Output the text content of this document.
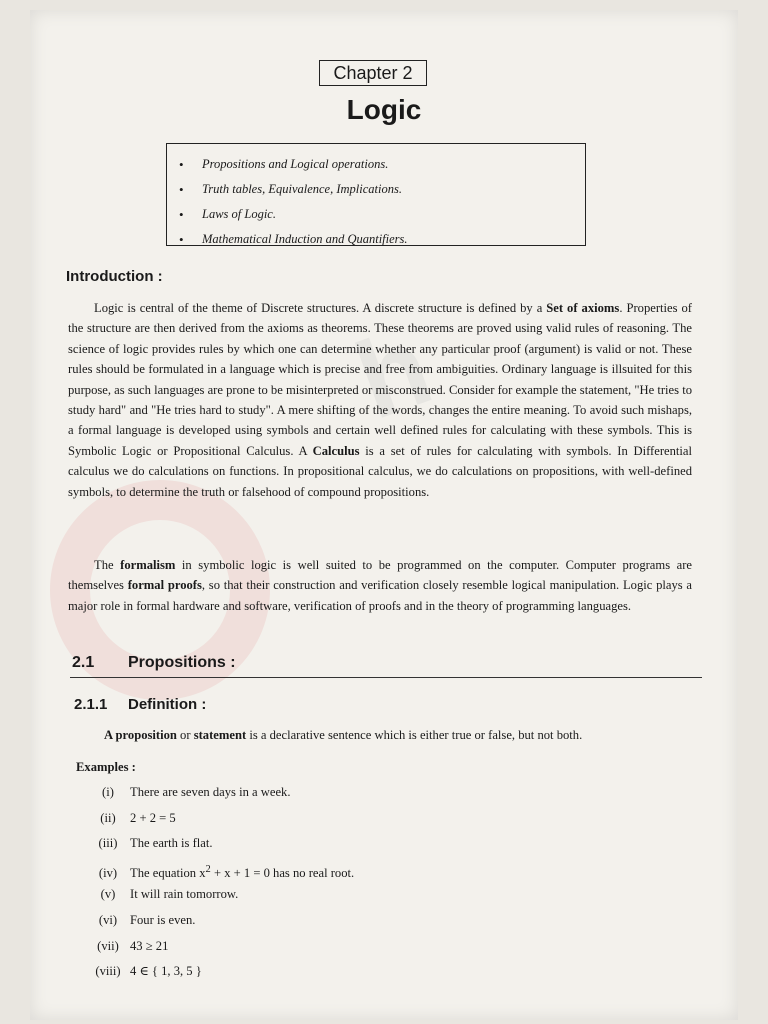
h
Chapter 2
Logic
• Propositions and Logical operations.
• Truth tables, Equivalence, Implications.
• Laws of Logic.
• Mathematical Induction and Quantifiers.
Introduction :

Logic is central of the theme of Discrete structures. A discrete structure is defined by a Set of axioms. Properties of the structure are then derived from the axioms as theorems. These theorems are proved using valid rules of reasoning. The science of logic provides rules by which one can determine whether any particular proof (argument) is valid or not. These rules should be formulated in a language which is precise and free from ambiguities. Ordinary language is illsuited for this purpose, as such languages are prone to be misinterpreted or misconstrued. Consider for example the statement, "He tries to study hard" and "He tries hard to study". A mere shifting of the words, changes the entire meaning. To avoid such mishaps, a formal language is developed using symbols and certain well defined rules for calculating with these symbols. This is Symbolic Logic or Propositional Calculus. A Calculus is a set of rules for calculating with symbols. In Differential calculus we do calculations on functions. In propositional calculus, we do calculations on propositions, with well-defined symbols, to determine the truth or falsehood of compound propositions.

The formalism in symbolic logic is well suited to be programmed on the computer. Computer programs are themselves formal proofs, so that their construction and verification closely resemble logical manipulation. Logic plays a major role in formal hardware and software, verification of proofs and in the theory of programming languages.

2.1 Propositions :
2.1.1 Definition :
A proposition or statement is a declarative sentence which is either true or false, but not both.
Examples :
(i) There are seven days in a week.
(ii) 2 + 2 = 5
(iii) The earth is flat.
(iv) The equation $x^2 + x + 1 = 0$ has no real root.
(v) It will rain tomorrow.
(vi) Four is even.
(vii) 43 ≥ 21
(viii) 4 ∈ { 1, 3, 5 }
